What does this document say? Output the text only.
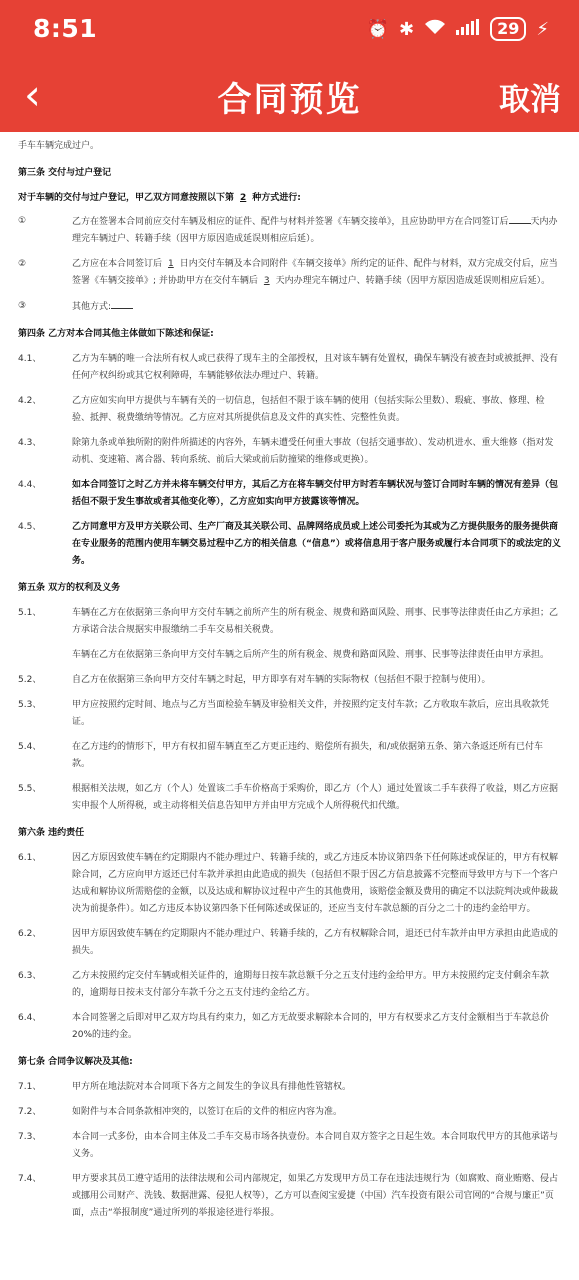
8:51	⏰ ✱	29 ⚡
‹	合同预览	取消
手车车辆完成过户。
第三条 交付与过户登记
对于车辆的交付与过户登记，甲乙双方同意按照以下第 2 种方式进行:
①	乙方在签署本合同前应交付车辆及相应的证件、配件与材料并签署《车辆交接单》，且应协助甲方在合同签订后 天内办理完车辆过户、转籍手续（因甲方原因造成延误则相应后延）。
②	乙方应在本合同签订后 1 日内交付车辆及本合同附件《车辆交接单》所约定的证件、配件与材料，双方完成交付后，应当签署《车辆交接单》; 并协助甲方在交付车辆后 3 天内办理完车辆过户、转籍手续（因甲方原因造成延误则相应后延）。
③	其他方式:
第四条 乙方对本合同其他主体做如下陈述和保证:
4.1、	乙方为车辆的唯一合法所有权人或已获得了现车主的全部授权，且对该车辆有处置权，确保车辆没有被查封或被抵押、没有任何产权纠纷或其它权利障碍，车辆能够依法办理过户、转籍。
4.2、	乙方应如实向甲方提供与车辆有关的一切信息，包括但不限于该车辆的使用（包括实际公里数）、瑕疵、事故、修理、检验、抵押、税费缴纳等情况。乙方应对其所提供信息及文件的真实性、完整性负责。
4.3、	除第九条或单独所附的附件所描述的内容外，车辆未遭受任何重大事故（包括交通事故）、发动机进水、重大维修（指对发动机、变速箱、离合器、转向系统、前后大梁或前后防撞梁的维修或更换）。
4.4、	如本合同签订之时乙方并未将车辆交付甲方，其后乙方在将车辆交付甲方时若车辆状况与签订合同时车辆的情况有差异（包括但不限于发生事故或者其他变化等），乙方应如实向甲方披露该等情况。
4.5、	乙方同意甲方及甲方关联公司、生产厂商及其关联公司、品牌网络成员或上述公司委托为其或为乙方提供服务的服务提供商在专业服务的范围内使用车辆交易过程中乙方的相关信息（“信息”）或将信息用于客户服务或履行本合同项下的或法定的义务。
第五条 双方的权利及义务
5.1、	车辆在乙方在依据第三条向甲方交付车辆之前所产生的所有税金、规费和路面风险、刑事、民事等法律责任由乙方承担；乙方承诺合法合规据实申报缴纳二手车交易相关税费。
车辆在乙方在依据第三条向甲方交付车辆之后所产生的所有税金、规费和路面风险、刑事、民事等法律责任由甲方承担。
5.2、	自乙方在依据第三条向甲方交付车辆之时起，甲方即享有对车辆的实际物权（包括但不限于控制与使用）。
5.3、	甲方应按照约定时间、地点与乙方当面检验车辆及审验相关文件，并按照约定支付车款；乙方收取车款后，应出具收款凭证。
5.4、	在乙方违约的情形下，甲方有权扣留车辆直至乙方更正违约、赔偿所有损失，和/或依据第五条、第六条返还所有已付车款。
5.5、	根据相关法规，如乙方（个人）处置该二手车价格高于采购价，即乙方（个人）通过处置该二手车获得了收益，则乙方应据实申报个人所得税，或主动将相关信息告知甲方并由甲方完成个人所得税代扣代缴。
第六条 违约责任
6.1、	因乙方原因致使车辆在约定期限内不能办理过户、转籍手续的，或乙方违反本协议第四条下任何陈述或保证的，甲方有权解除合同，乙方应向甲方返还已付车款并承担由此造成的损失（包括但不限于因乙方信息披露不完整而导致甲方与下一个客户达成和解协议所需赔偿的金额，以及达成和解协议过程中产生的其他费用，该赔偿金额及费用的确定不以法院判决或仲裁裁决为前提条件）。如乙方违反本协议第四条下任何陈述或保证的，还应当支付车款总额的百分之二十的违约金给甲方。
6.2、	因甲方原因致使车辆在约定期限内不能办理过户、转籍手续的，乙方有权解除合同，退还已付车款并由甲方承担由此造成的损失。
6.3、	乙方未按照约定交付车辆或相关证件的，逾期每日按车款总额千分之五支付违约金给甲方。甲方未按照约定支付剩余车款的，逾期每日按未支付部分车款千分之五支付违约金给乙方。
6.4、	本合同签署之后即对甲乙双方均具有约束力，如乙方无故要求解除本合同的，甲方有权要求乙方支付金额相当于车款总价20%的违约金。
第七条 合同争议解决及其他:
7.1、	甲方所在地法院对本合同项下各方之间发生的争议具有排他性管辖权。
7.2、	如附件与本合同条款相冲突的，以签订在后的文件的相应内容为准。
7.3、	本合同一式多份，由本合同主体及二手车交易市场各执壹份。本合同自双方签字之日起生效。本合同取代甲方的其他承诺与义务。
7.4、	甲方要求其员工遵守适用的法律法规和公司内部规定，如果乙方发现甲方员工存在违法违规行为（如腐败、商业贿赂、侵占或挪用公司财产、洗钱、数据泄露、侵犯人权等），乙方可以查阅宝爱捷（中国）汽车投资有限公司官网的“合规与廉正”页面，点击“举报制度”通过所列的举报途径进行举报。
